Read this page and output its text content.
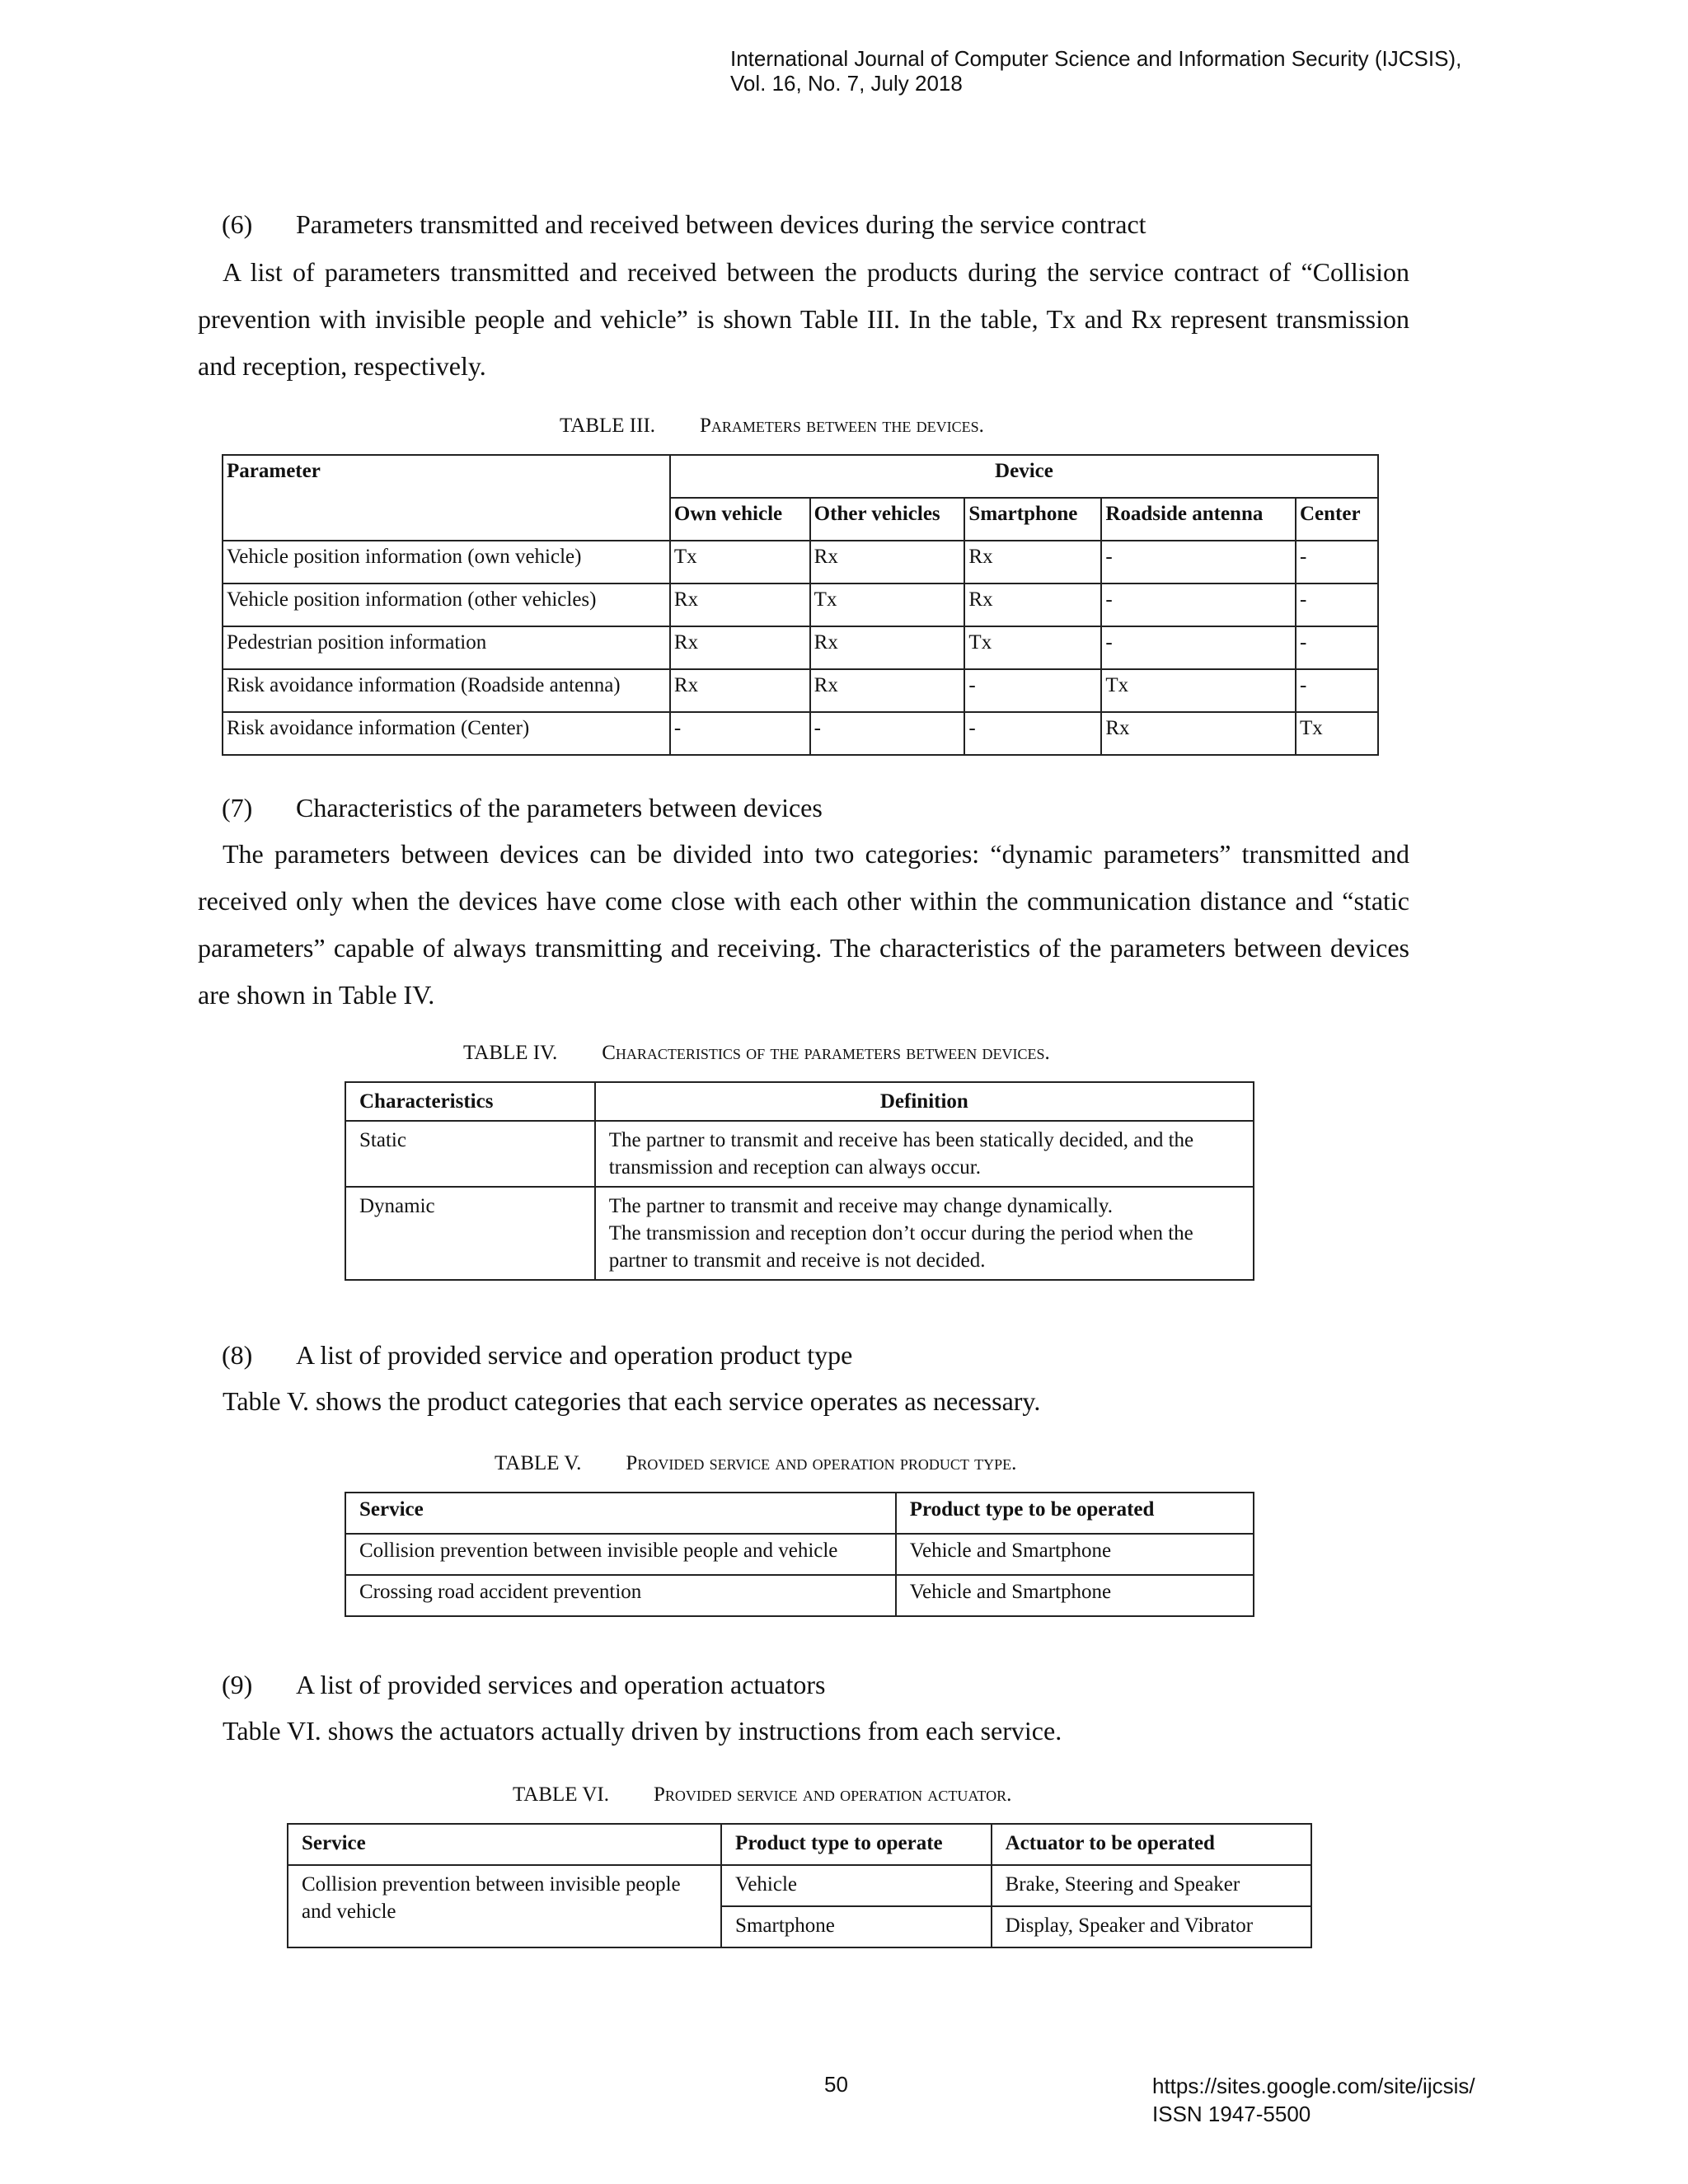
International Journal of Computer Science and Information Security (IJCSIS),
Vol. 16, No. 7, July 2018
(6) Parameters transmitted and received between devices during the service contract
A list of parameters transmitted and received between the products during the service contract of “Collision prevention with invisible people and vehicle” is shown Table III. In the table, Tx and Rx represent transmission and reception, respectively.
TABLE III. Parameters between the devices.
Parameter	Device				
	Own vehicle	Other vehicles	Smartphone	Roadside antenna	Center
Vehicle position information (own vehicle)	Tx	Rx	Rx	-	-
Vehicle position information (other vehicles)	Rx	Tx	Rx	-	-
Pedestrian position information	Rx	Rx	Tx	-	-
Risk avoidance information (Roadside antenna)	Rx	Rx	-	Tx	-
Risk avoidance information (Center)	-	-	-	Rx	Tx
(7) Characteristics of the parameters between devices
The parameters between devices can be divided into two categories: “dynamic parameters” transmitted and received only when the devices have come close with each other within the communication distance and “static parameters” capable of always transmitting and receiving. The characteristics of the parameters between devices are shown in Table IV.
TABLE IV. Characteristics of the parameters between devices.
Characteristics	Definition
Static	The partner to transmit and receive has been statically decided, and the transmission and reception can always occur.
Dynamic	The partner to transmit and receive may change dynamically.
The transmission and reception don’t occur during the period when the partner to transmit and receive is not decided.
(8) A list of provided service and operation product type
Table V. shows the product categories that each service operates as necessary.
TABLE V. Provided service and operation product type.
Service	Product type to be operated
Collision prevention between invisible people and vehicle	Vehicle and Smartphone
Crossing road accident prevention	Vehicle and Smartphone
(9) A list of provided services and operation actuators
Table VI. shows the actuators actually driven by instructions from each service.
TABLE VI. Provided service and operation actuator.
Service	Product type to operate	Actuator to be operated
Collision prevention between invisible people and vehicle	Vehicle	Brake, Steering and Speaker
	Smartphone	Display, Speaker and Vibrator
50	https://sites.google.com/site/ijcsis/
ISSN 1947-5500
